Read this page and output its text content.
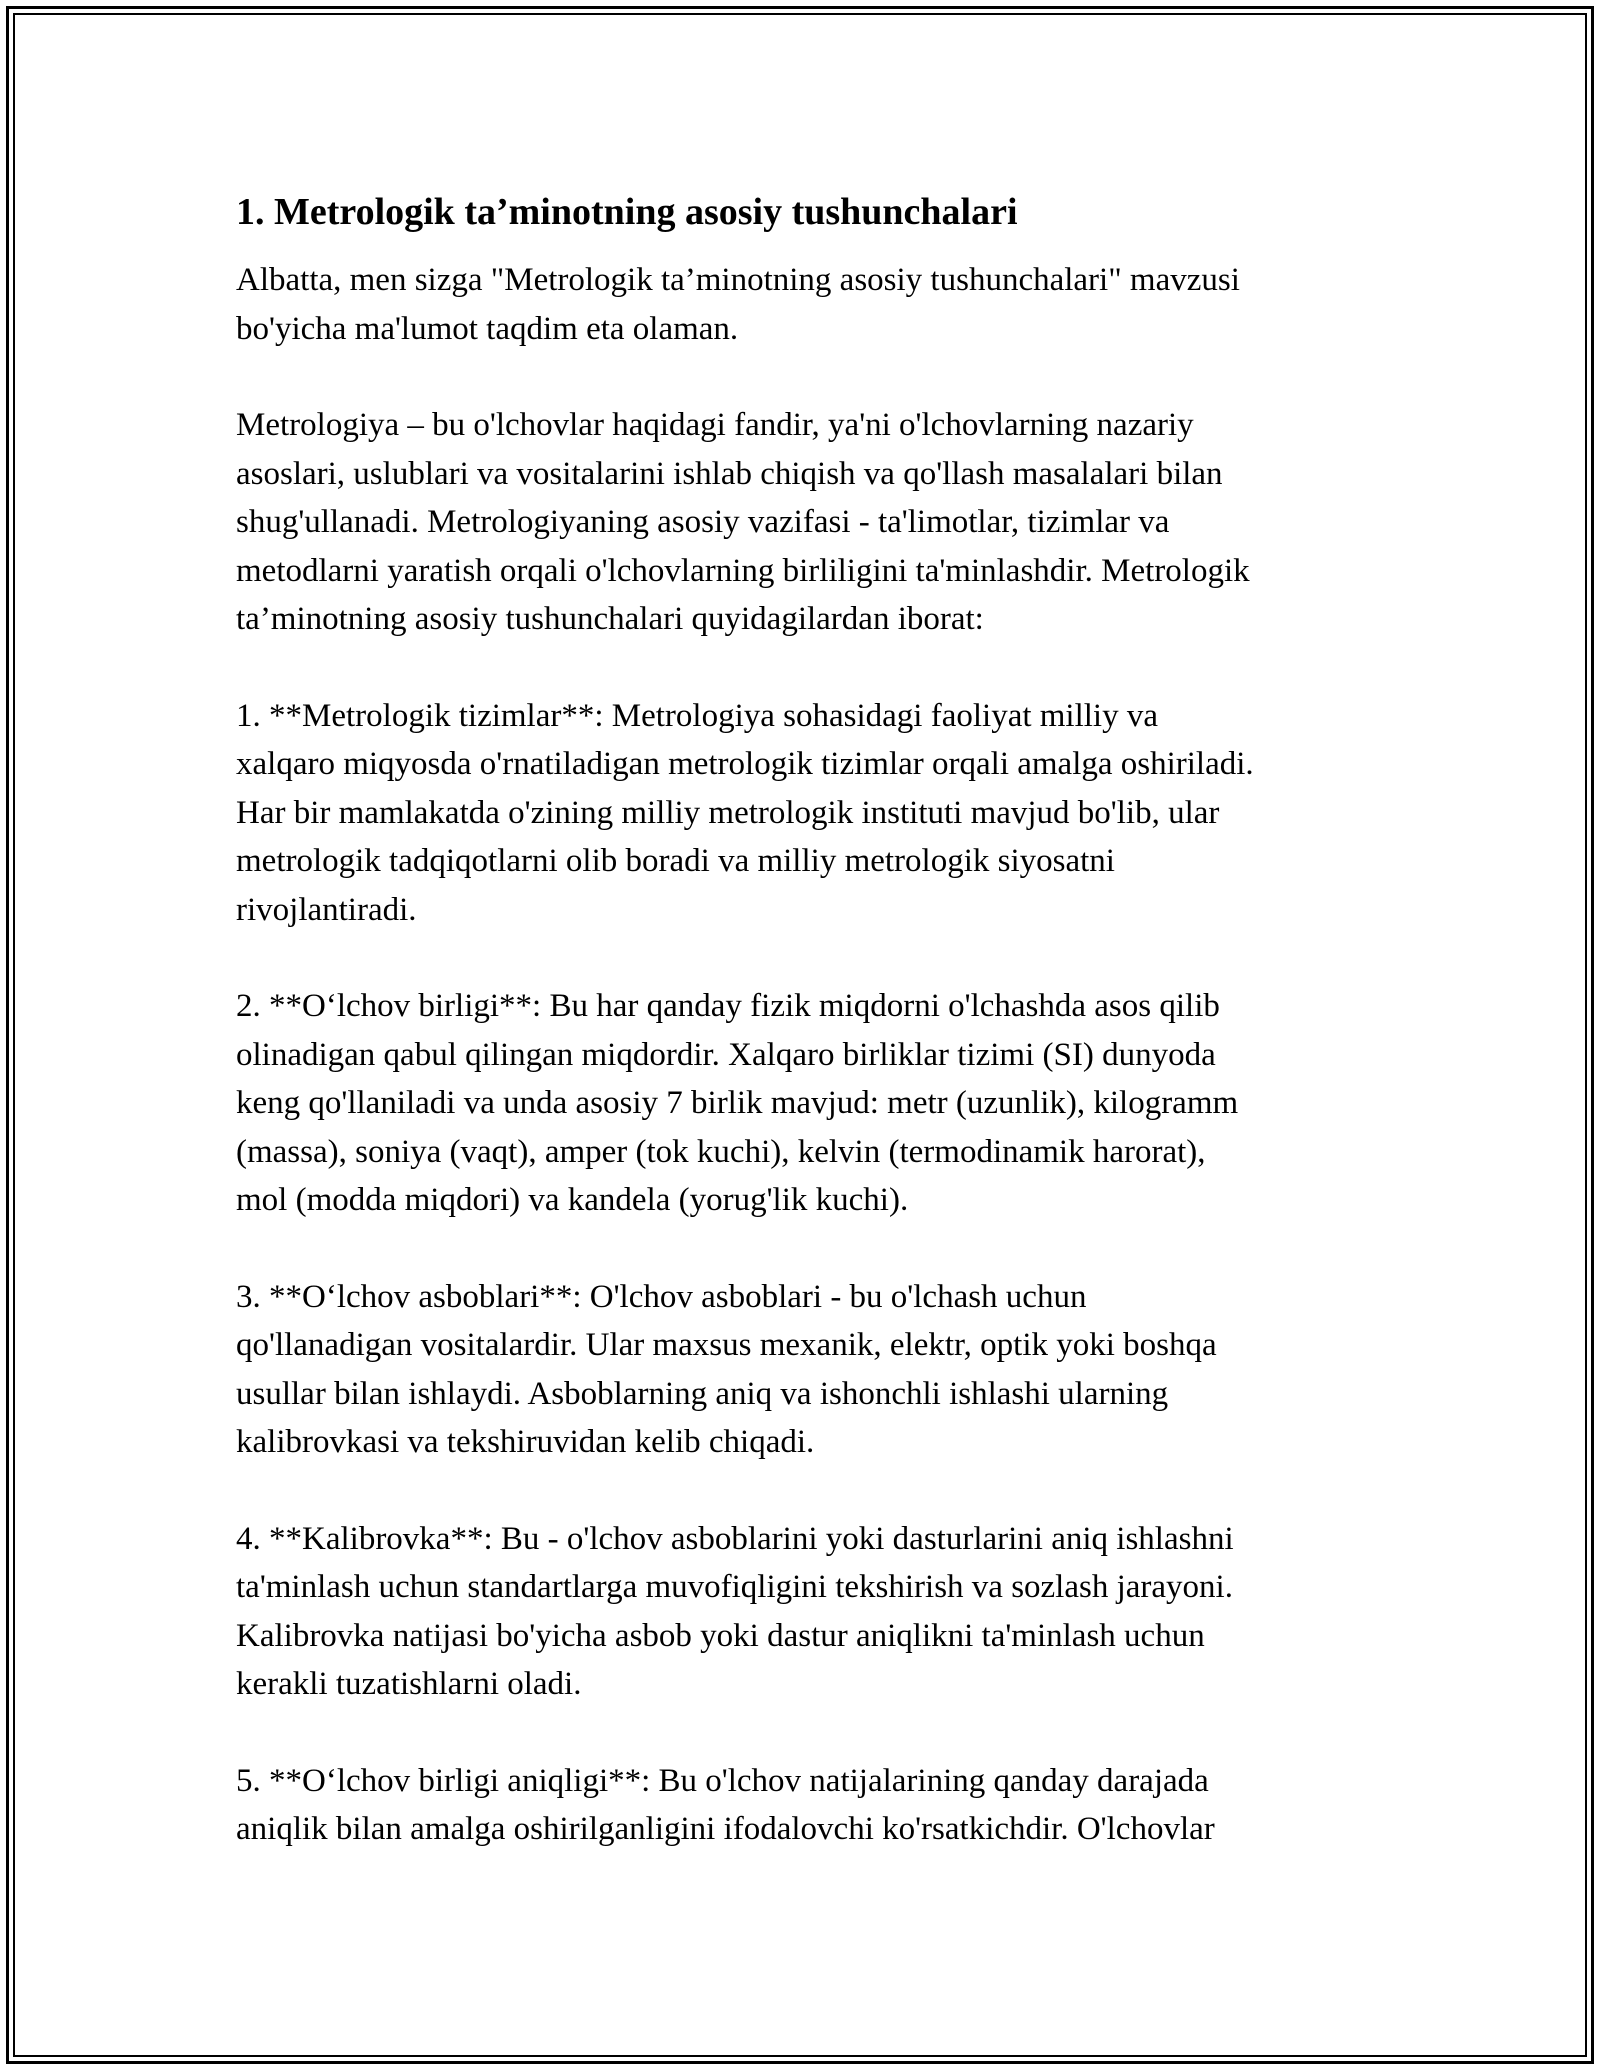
1. Metrologik ta’minotning asosiy tushunchalari

Albatta, men sizga "Metrologik ta’minotning asosiy tushunchalari" mavzusi
bo'yicha ma'lumot taqdim eta olaman.

Metrologiya – bu o'lchovlar haqidagi fandir, ya'ni o'lchovlarning nazariy
asoslari, uslublari va vositalarini ishlab chiqish va qo'llash masalalari bilan
shug'ullanadi. Metrologiyaning asosiy vazifasi - ta'limotlar, tizimlar va
metodlarni yaratish orqali o'lchovlarning birliligini ta'minlashdir. Metrologik
ta’minotning asosiy tushunchalari quyidagilardan iborat:

1. **Metrologik tizimlar**: Metrologiya sohasidagi faoliyat milliy va
xalqaro miqyosda o'rnatiladigan metrologik tizimlar orqali amalga oshiriladi.
Har bir mamlakatda o'zining milliy metrologik instituti mavjud bo'lib, ular
metrologik tadqiqotlarni olib boradi va milliy metrologik siyosatni
rivojlantiradi.

2. **O‘lchov birligi**: Bu har qanday fizik miqdorni o'lchashda asos qilib
olinadigan qabul qilingan miqdordir. Xalqaro birliklar tizimi (SI) dunyoda
keng qo'llaniladi va unda asosiy 7 birlik mavjud: metr (uzunlik), kilogramm
(massa), soniya (vaqt), amper (tok kuchi), kelvin (termodinamik harorat),
mol (modda miqdori) va kandela (yorug'lik kuchi).

3. **O‘lchov asboblari**: O'lchov asboblari - bu o'lchash uchun
qo'llanadigan vositalardir. Ular maxsus mexanik, elektr, optik yoki boshqa
usullar bilan ishlaydi. Asboblarning aniq va ishonchli ishlashi ularning
kalibrovkasi va tekshiruvidan kelib chiqadi.

4. **Kalibrovka**: Bu - o'lchov asboblarini yoki dasturlarini aniq ishlashni
ta'minlash uchun standartlarga muvofiqligini tekshirish va sozlash jarayoni.
Kalibrovka natijasi bo'yicha asbob yoki dastur aniqlikni ta'minlash uchun
kerakli tuzatishlarni oladi.

5. **O‘lchov birligi aniqligi**: Bu o'lchov natijalarining qanday darajada
aniqlik bilan amalga oshirilganligini ifodalovchi ko'rsatkichdir. O'lchovlar
